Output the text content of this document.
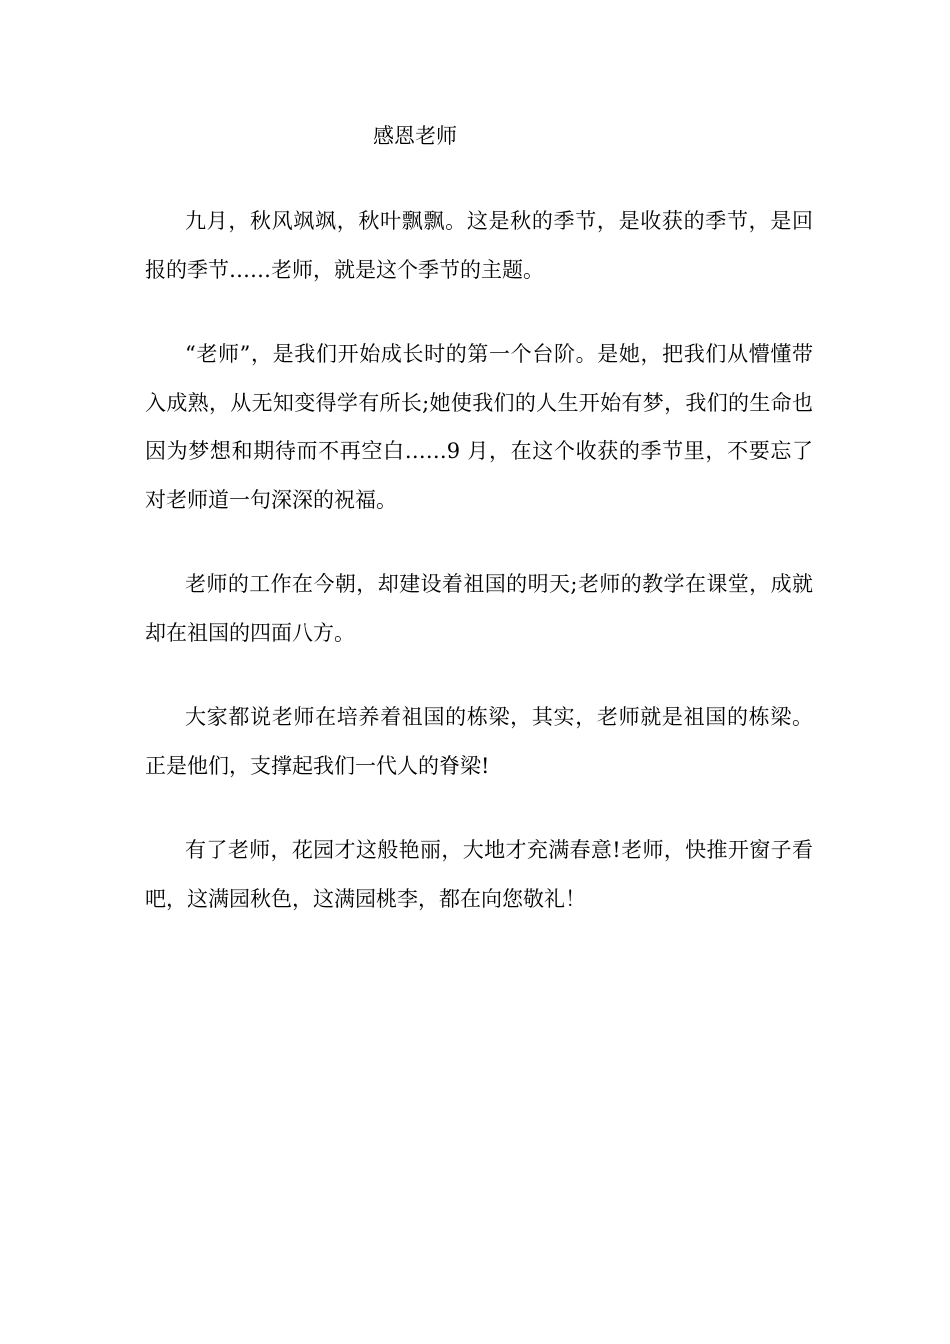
感恩老师

九月，秋风飒飒，秋叶飘飘。这是秋的季节，是收获的季节，是回报的季节……老师，就是这个季节的主题。

“老师”，是我们开始成长时的第一个台阶。是她，把我们从懵懂带入成熟，从无知变得学有所长;她使我们的人生开始有梦，我们的生命也因为梦想和期待而不再空白……9 月，在这个收获的季节里，不要忘了对老师道一句深深的祝福。

老师的工作在今朝，却建设着祖国的明天;老师的教学在课堂，成就却在祖国的四面八方。

大家都说老师在培养着祖国的栋梁，其实，老师就是祖国的栋梁。正是他们，支撑起我们一代人的脊梁!

有了老师，花园才这般艳丽，大地才充满春意!老师，快推开窗子看吧，这满园秋色，这满园桃李，都在向您敬礼！
